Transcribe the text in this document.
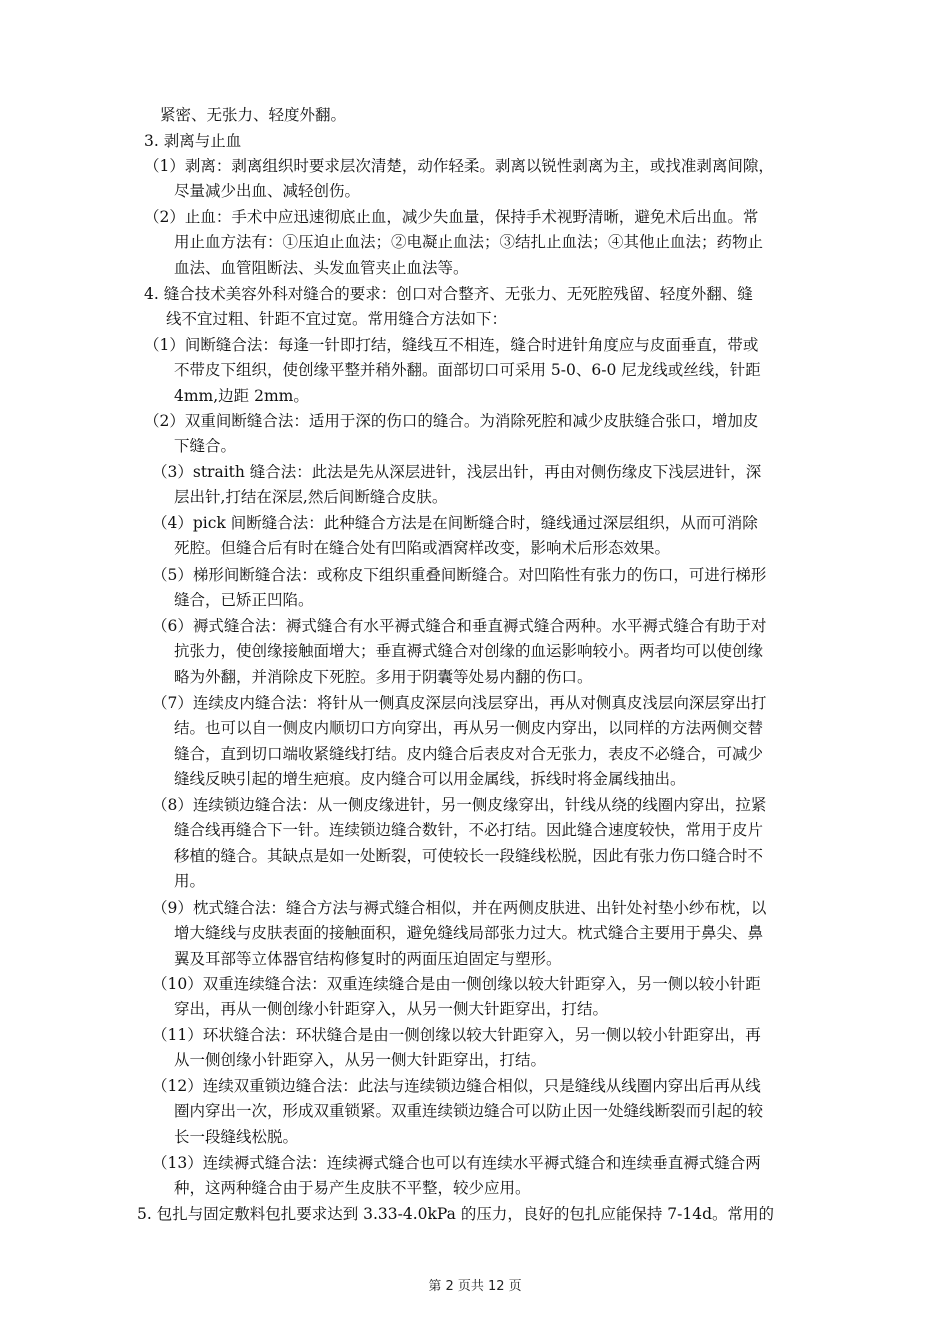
紧密、无张力、轻度外翻。
3. 剥离与止血
（1）剥离：剥离组织时要求层次清楚，动作轻柔。剥离以锐性剥离为主，或找准剥离间隙，
尽量减少出血、减轻创伤。
（2）止血：手术中应迅速彻底止血，减少失血量，保持手术视野清晰，避免术后出血。常
用止血方法有：①压迫止血法；②电凝止血法；③结扎止血法；④其他止血法；药物止
血法、血管阻断法、头发血管夹止血法等。
4. 缝合技术美容外科对缝合的要求：创口对合整齐、无张力、无死腔残留、轻度外翻、缝
线不宜过粗、针距不宜过宽。常用缝合方法如下：
（1）间断缝合法：每逢一针即打结，缝线互不相连，缝合时进针角度应与皮面垂直，带或
不带皮下组织，使创缘平整并稍外翻。面部切口可采用 5-0、6-0 尼龙线或丝线，针距
4mm,边距 2mm。
（2）双重间断缝合法：适用于深的伤口的缝合。为消除死腔和减少皮肤缝合张口，增加皮
下缝合。
（3）straith 缝合法：此法是先从深层进针，浅层出针，再由对侧伤缘皮下浅层进针，深
层出针,打结在深层,然后间断缝合皮肤。
（4）pick 间断缝合法：此种缝合方法是在间断缝合时，缝线通过深层组织，从而可消除
死腔。但缝合后有时在缝合处有凹陷或酒窝样改变，影响术后形态效果。
（5）梯形间断缝合法：或称皮下组织重叠间断缝合。对凹陷性有张力的伤口，可进行梯形
缝合，已矫正凹陷。
（6）褥式缝合法：褥式缝合有水平褥式缝合和垂直褥式缝合两种。水平褥式缝合有助于对
抗张力，使创缘接触面增大；垂直褥式缝合对创缘的血运影响较小。两者均可以使创缘
略为外翻，并消除皮下死腔。多用于阴囊等处易内翻的伤口。
（7）连续皮内缝合法：将针从一侧真皮深层向浅层穿出，再从对侧真皮浅层向深层穿出打
结。也可以自一侧皮内顺切口方向穿出，再从另一侧皮内穿出，以同样的方法两侧交替
缝合，直到切口端收紧缝线打结。皮内缝合后表皮对合无张力，表皮不必缝合，可减少
缝线反映引起的增生疤痕。皮内缝合可以用金属线，拆线时将金属线抽出。
（8）连续锁边缝合法：从一侧皮缘进针，另一侧皮缘穿出，针线从绕的线圈内穿出，拉紧
缝合线再缝合下一针。连续锁边缝合数针，不必打结。因此缝合速度较快，常用于皮片
移植的缝合。其缺点是如一处断裂，可使较长一段缝线松脱，因此有张力伤口缝合时不
用。
（9）枕式缝合法：缝合方法与褥式缝合相似，并在两侧皮肤进、出针处衬垫小纱布枕，以
增大缝线与皮肤表面的接触面积，避免缝线局部张力过大。枕式缝合主要用于鼻尖、鼻
翼及耳部等立体器官结构修复时的两面压迫固定与塑形。
（10）双重连续缝合法：双重连续缝合是由一侧创缘以较大针距穿入，另一侧以较小针距
穿出，再从一侧创缘小针距穿入，从另一侧大针距穿出，打结。
（11）环状缝合法：环状缝合是由一侧创缘以较大针距穿入，另一侧以较小针距穿出，再
从一侧创缘小针距穿入，从另一侧大针距穿出，打结。
（12）连续双重锁边缝合法：此法与连续锁边缝合相似，只是缝线从线圈内穿出后再从线
圈内穿出一次，形成双重锁紧。双重连续锁边缝合可以防止因一处缝线断裂而引起的较
长一段缝线松脱。
（13）连续褥式缝合法：连续褥式缝合也可以有连续水平褥式缝合和连续垂直褥式缝合两
种，这两种缝合由于易产生皮肤不平整，较少应用。
5. 包扎与固定敷料包扎要求达到 3.33-4.0kPa 的压力，良好的包扎应能保持 7-14d。常用的
第 2 页共 12 页
